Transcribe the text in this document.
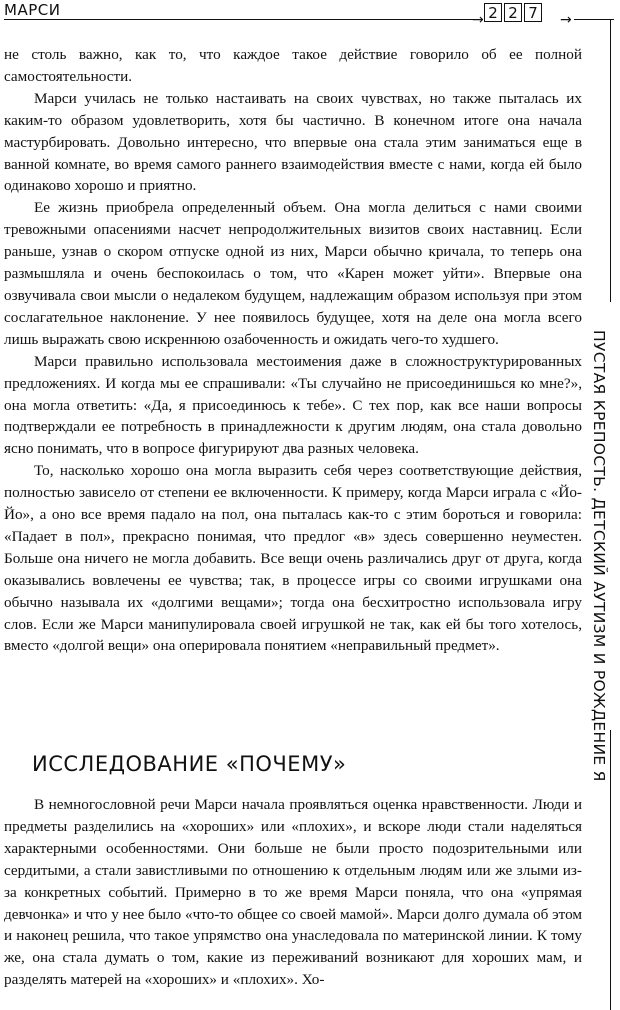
МАРСИ
→ 2 2 7	→
ПУСТАЯ КРЕПОСТЬ. ДЕТСКИЙ АУТИЗМ И РОЖДЕНИЕ Я

не столь важно, как то, что каждое такое действие говорило об ее полной самостоятельности.

Марси училась не только настаивать на своих чувствах, но также пыталась их каким-то образом удовлетворить, хотя бы частично. В конечном итоге она начала мастурбировать. Довольно интересно, что впервые она стала этим заниматься еще в ванной комнате, во время самого раннего взаимодействия вместе с нами, когда ей было одинаково хорошо и приятно.

Ее жизнь приобрела определенный объем. Она могла делиться с нами своими тревожными опасениями насчет непродолжительных визитов своих наставниц. Если раньше, узнав о скором отпуске одной из них, Марси обычно кричала, то теперь она размышляла и очень беспокоилась о том, что «Карен может уйти». Впервые она озвучивала свои мысли о недалеком будущем, надлежащим образом используя при этом сослагательное наклонение. У нее появилось будущее, хотя на деле она могла всего лишь выражать свою искреннюю озабоченность и ожидать чего-то худшего.

Марси правильно использовала местоимения даже в сложноструктурированных предложениях. И когда мы ее спрашивали: «Ты случайно не присоединишься ко мне?», она могла ответить: «Да, я присоединюсь к тебе». С тех пор, как все наши вопросы подтверждали ее потребность в принадлежности к другим людям, она стала довольно ясно понимать, что в вопросе фигурируют два разных человека.

То, насколько хорошо она могла выразить себя через соответствующие действия, полностью зависело от степени ее включенности. К примеру, когда Марси играла с «Йо-Йо», а оно все время падало на пол, она пыталась как-то с этим бороться и говорила: «Падает в пол», прекрасно понимая, что предлог «в» здесь совершенно неуместен. Больше она ничего не могла добавить. Все вещи очень различались друг от друга, когда оказывались вовлечены ее чувства; так, в процессе игры со своими игрушками она обычно называла их «долгими вещами»; тогда она бесхитростно использовала игру слов. Если же Марси манипулировала своей игрушкой не так, как ей бы того хотелось, вместо «долгой вещи» она оперировала понятием «неправильный предмет».

ИССЛЕДОВАНИЕ «ПОЧЕМУ»

В немногословной речи Марси начала проявляться оценка нравственности. Люди и предметы разделились на «хороших» или «плохих», и вскоре люди стали наделяться характерными особенностями. Они больше не были просто подозрительными или сердитыми, а стали завистливыми по отношению к отдельным людям или же злыми из-за конкретных событий. Примерно в то же время Марси поняла, что она «упрямая девчонка» и что у нее было «что-то общее со своей мамой». Марси долго думала об этом и наконец решила, что такое упрямство она унаследовала по материнской линии. К тому же, она стала думать о том, какие из переживаний возникают для хороших мам, и разделять матерей на «хороших» и «плохих». Хо-
